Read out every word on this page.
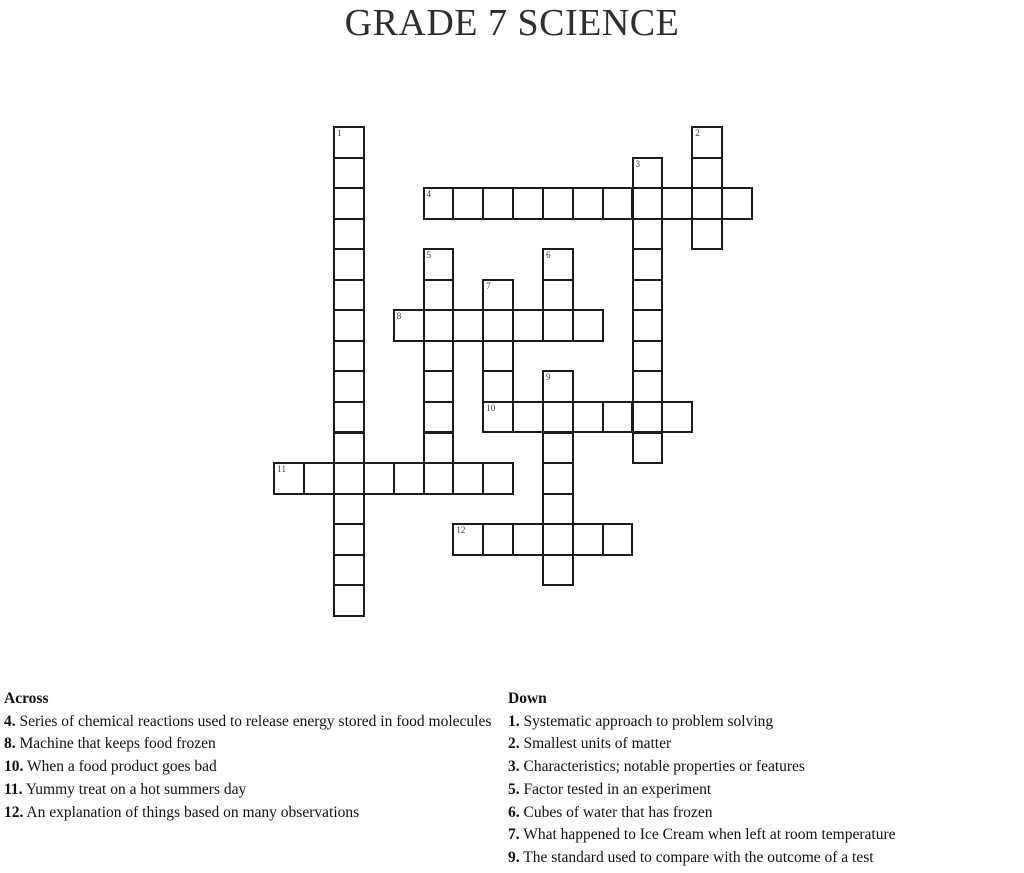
GRADE 7 SCIENCE
1	2
3
4
5	6
7
10
8
9
11
12
Across
4. Series of chemical reactions used to release energy stored in food molecules
8. Machine that keeps food frozen
10. When a food product goes bad
11. Yummy treat on a hot summers day
12. An explanation of things based on many observations
Down
1. Systematic approach to problem solving
2. Smallest units of matter
3. Characteristics; notable properties or features
5. Factor tested in an experiment
6. Cubes of water that has frozen
7. What happened to Ice Cream when left at room temperature
9. The standard used to compare with the outcome of a test
